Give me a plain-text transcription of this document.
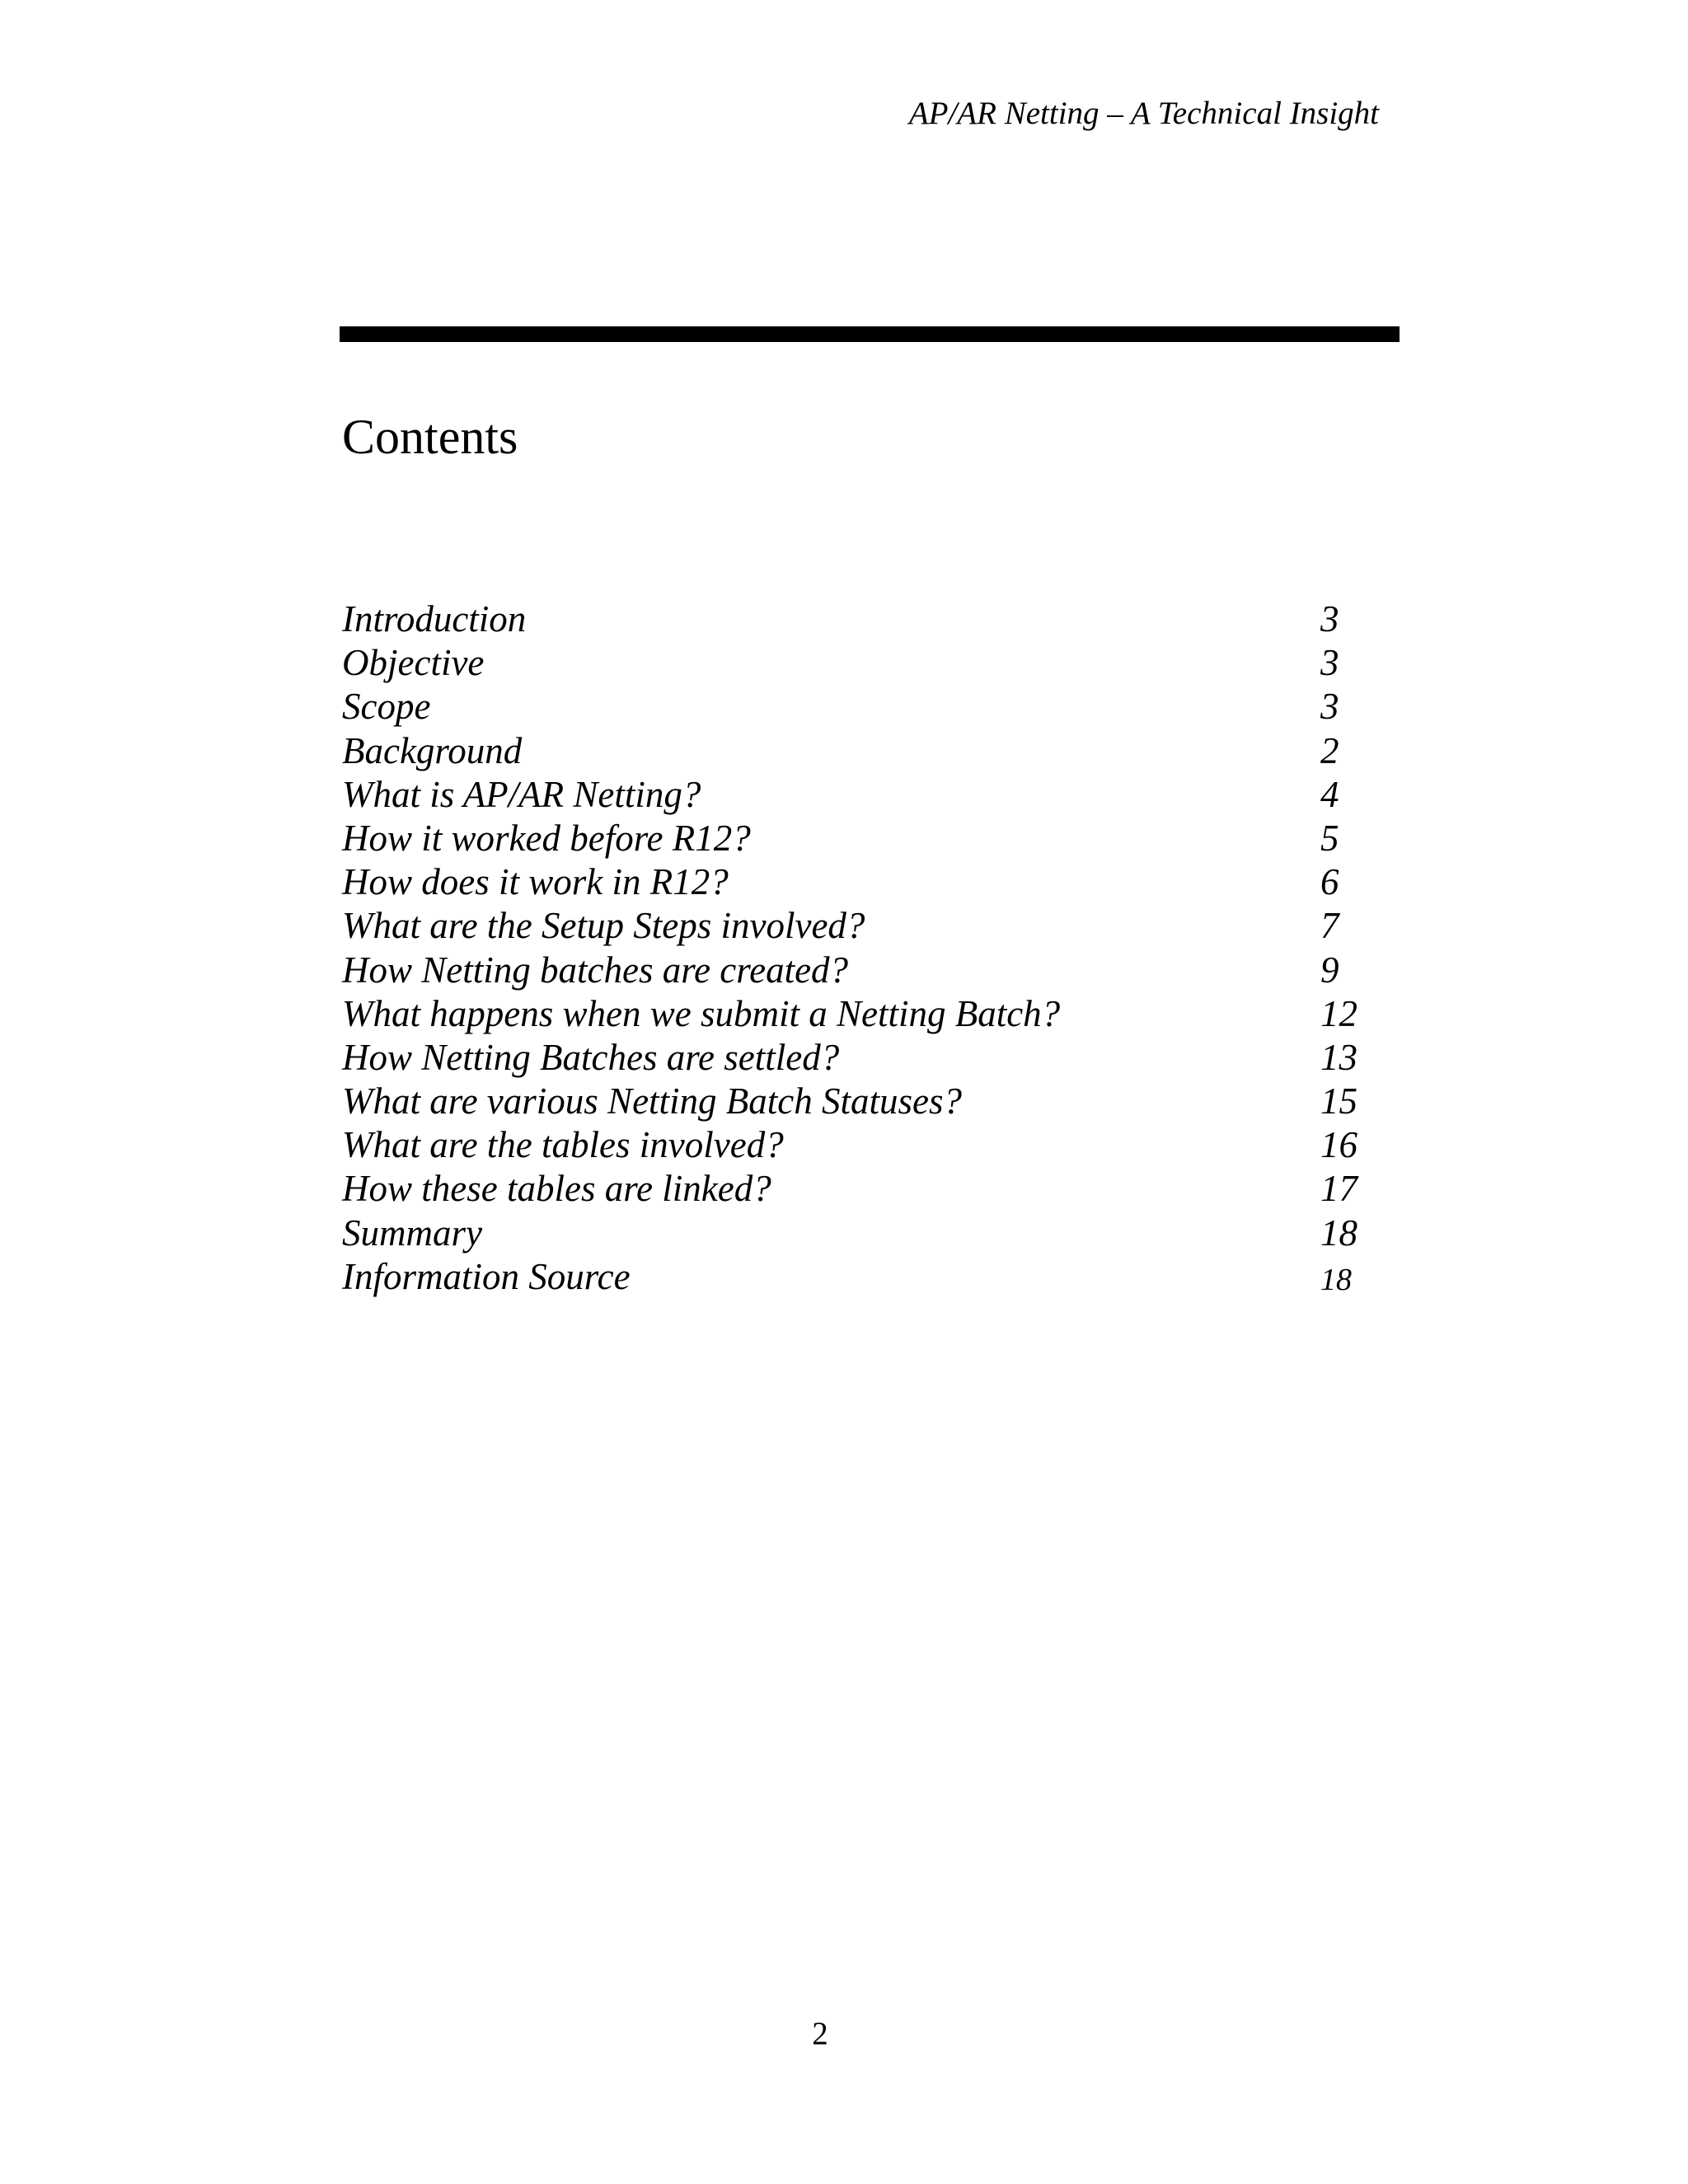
AP/AR Netting – A Technical Insight
Contents
Introduction	3
Objective	3
Scope	3
Background	2
What is AP/AR Netting?	4
How it worked before R12?	5
How does it work in R12?	6
What are the Setup Steps involved?	7
How Netting batches are created?	9
What happens when we submit a Netting Batch?	12
How Netting Batches are settled?	13
What are various Netting Batch Statuses?	15
What are the tables involved?	16
How these tables are linked?	17
Summary	18
Information Source	18
2
